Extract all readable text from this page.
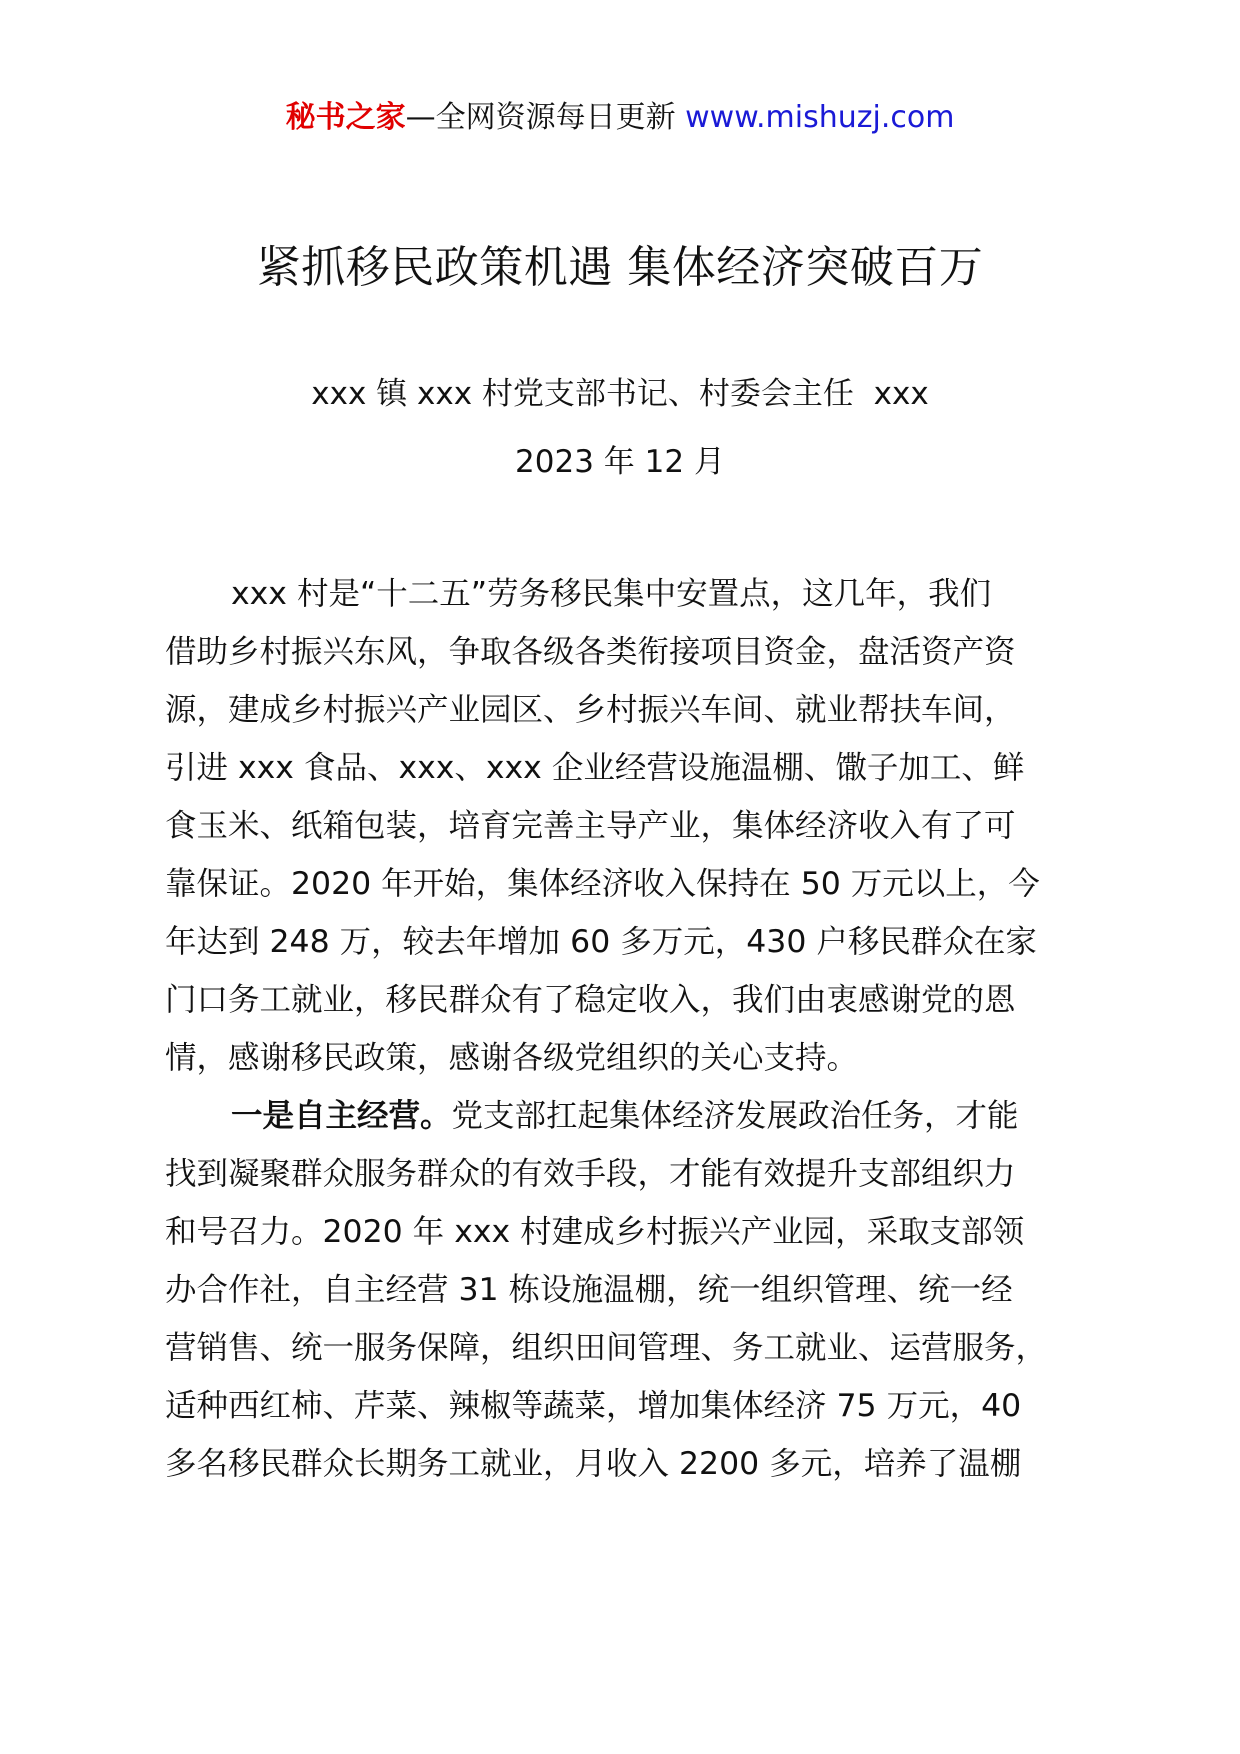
秘书之家—全网资源每日更新 www.mishuzj.com
紧抓移民政策机遇 集体经济突破百万
xxx 镇 xxx 村党支部书记、村委会主任  xxx
2023 年 12 月
xxx 村是“十二五”劳务移民集中安置点，这几年，我们
借助乡村振兴东风，争取各级各类衔接项目资金，盘活资产资
源，建成乡村振兴产业园区、乡村振兴车间、就业帮扶车间，
引进 xxx 食品、xxx、xxx 企业经营设施温棚、馓子加工、鲜
食玉米、纸箱包装，培育完善主导产业，集体经济收入有了可
靠保证。2020 年开始，集体经济收入保持在 50 万元以上，今
年达到 248 万，较去年增加 60 多万元，430 户移民群众在家
门口务工就业，移民群众有了稳定收入，我们由衷感谢党的恩
情，感谢移民政策，感谢各级党组织的关心支持。
一是自主经营。党支部扛起集体经济发展政治任务，才能
找到凝聚群众服务群众的有效手段，才能有效提升支部组织力
和号召力。2020 年 xxx 村建成乡村振兴产业园，采取支部领
办合作社，自主经营 31 栋设施温棚，统一组织管理、统一经
营销售、统一服务保障，组织田间管理、务工就业、运营服务，
适种西红柿、芹菜、辣椒等蔬菜，增加集体经济 75 万元，40
多名移民群众长期务工就业，月收入 2200 多元，培养了温棚
